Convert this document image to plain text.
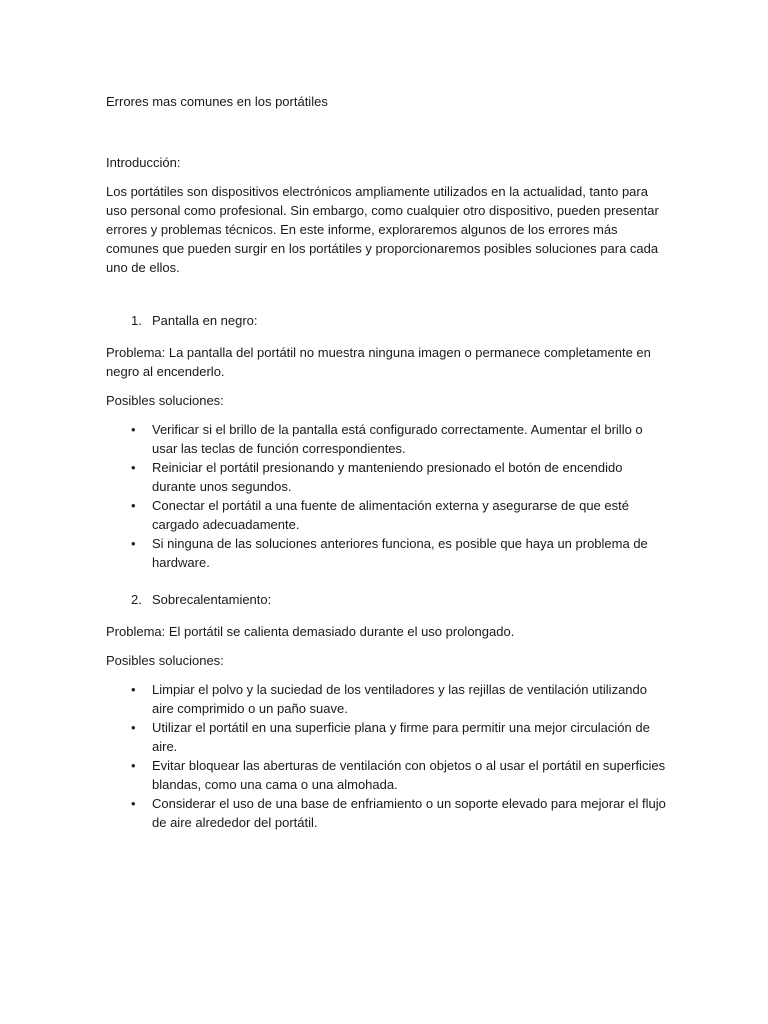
Errores mas comunes en los portátiles

Introducción:

Los portátiles son dispositivos electrónicos ampliamente utilizados en la actualidad, tanto para uso personal como profesional. Sin embargo, como cualquier otro dispositivo, pueden presentar errores y problemas técnicos. En este informe, exploraremos algunos de los errores más comunes que pueden surgir en los portátiles y proporcionaremos posibles soluciones para cada uno de ellos.

1. Pantalla en negro:

Problema: La pantalla del portátil no muestra ninguna imagen o permanece completamente en negro al encenderlo.

Posibles soluciones:

• Verificar si el brillo de la pantalla está configurado correctamente. Aumentar el brillo o usar las teclas de función correspondientes.
• Reiniciar el portátil presionando y manteniendo presionado el botón de encendido durante unos segundos.
• Conectar el portátil a una fuente de alimentación externa y asegurarse de que esté cargado adecuadamente.
• Si ninguna de las soluciones anteriores funciona, es posible que haya un problema de hardware.

2. Sobrecalentamiento:

Problema: El portátil se calienta demasiado durante el uso prolongado.

Posibles soluciones:

• Limpiar el polvo y la suciedad de los ventiladores y las rejillas de ventilación utilizando aire comprimido o un paño suave.
• Utilizar el portátil en una superficie plana y firme para permitir una mejor circulación de aire.
• Evitar bloquear las aberturas de ventilación con objetos o al usar el portátil en superficies blandas, como una cama o una almohada.
• Considerar el uso de una base de enfriamiento o un soporte elevado para mejorar el flujo de aire alrededor del portátil.
